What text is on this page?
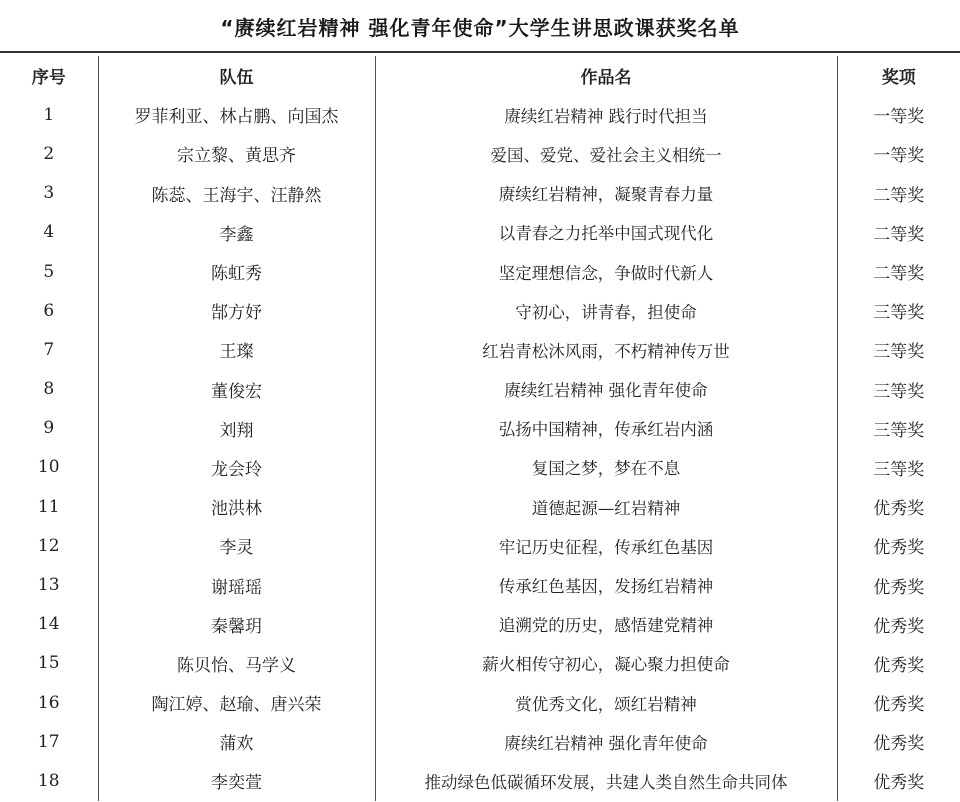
“赓续红岩精神 强化青年使命”大学生讲思政课获奖名单
序号	队伍	作品名	奖项
1	罗菲利亚、林占鹏、向国杰	赓续红岩精神 践行时代担当	一等奖
2	宗立黎、黄思齐	爱国、爱党、爱社会主义相统一	一等奖
3	陈蕊、王海宇、汪静然	赓续红岩精神，凝聚青春力量	二等奖
4	李鑫	以青春之力托举中国式现代化	二等奖
5	陈虹秀	坚定理想信念，争做时代新人	二等奖
6	郜方妤	守初心，讲青春，担使命	三等奖
7	王璨	红岩青松沐风雨，不朽精神传万世	三等奖
8	董俊宏	赓续红岩精神 强化青年使命	三等奖
9	刘翔	弘扬中国精神，传承红岩内涵	三等奖
10	龙会玲	复国之梦，梦在不息	三等奖
11	池洪林	道德起源—红岩精神	优秀奖
12	李灵	牢记历史征程，传承红色基因	优秀奖
13	谢瑶瑶	传承红色基因，发扬红岩精神	优秀奖
14	秦馨玥	追溯党的历史，感悟建党精神	优秀奖
15	陈贝怡、马学义	薪火相传守初心，凝心聚力担使命	优秀奖
16	陶江婷、赵瑜、唐兴荣	赏优秀文化，颂红岩精神	优秀奖
17	蒲欢	赓续红岩精神 强化青年使命	优秀奖
18	李奕萱	推动绿色低碳循环发展，共建人类自然生命共同体	优秀奖
